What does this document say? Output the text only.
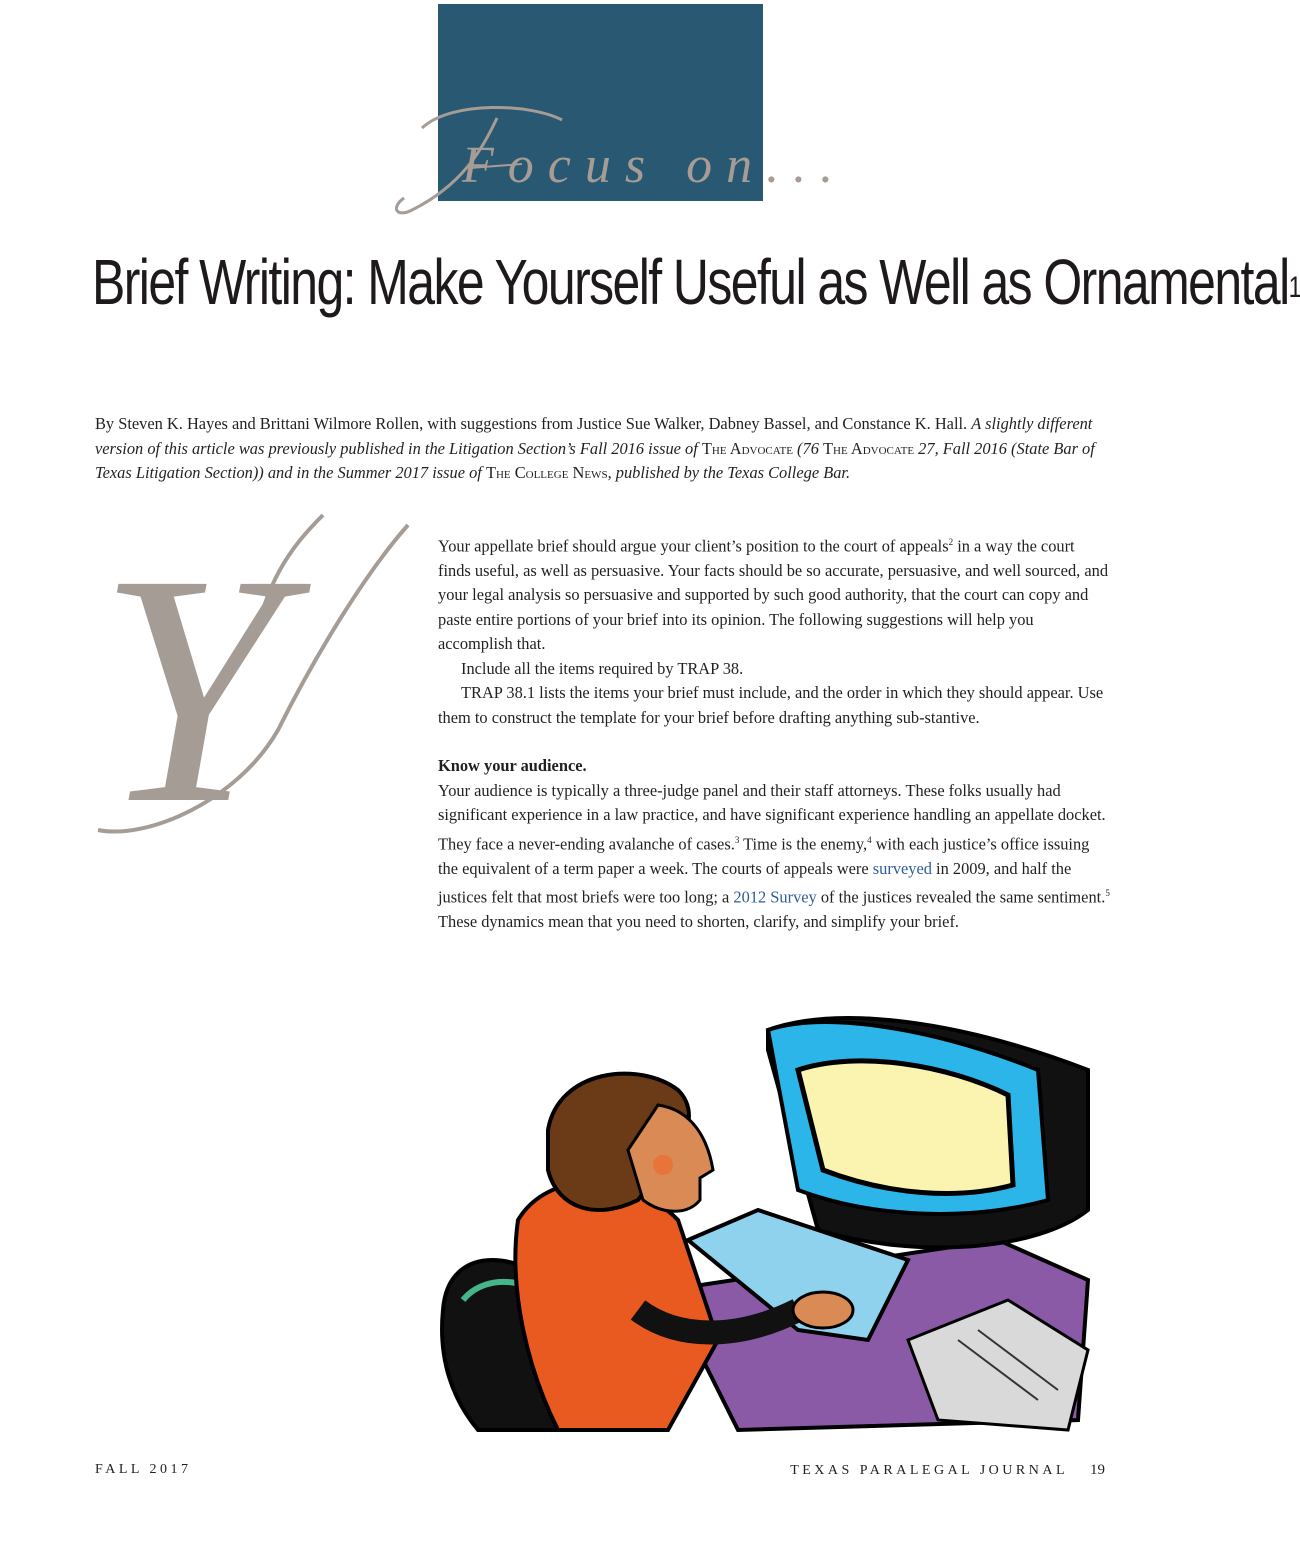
Focus on...
Brief Writing: Make Yourself Useful as Well as Ornamental$^1$

By Steven K. Hayes and Brittani Wilmore Rollen, with suggestions from Justice Sue Walker, Dabney Bassel, and Constance K. Hall. A slightly different version of this article was previously published in the Litigation Section’s Fall 2016 issue of The Advocate (76 The Advocate 27, Fall 2016 (State Bar of Texas Litigation Section)) and in the Summer 2017 issue of The College News, published by the Texas College Bar.

Y	Your appellate brief should argue your client’s position to the court of appeals$^2$ in a way the court finds useful, as well as persuasive. Your facts should be so accurate, persuasive, and well sourced, and your legal analysis so persuasive and supported by such good authority, that the court can copy and paste entire portions of your brief into its opinion. The following suggestions will help you accomplish that.

Include all the items required by TRAP 38.

TRAP 38.1 lists the items your brief must include, and the order in which they should appear. Use them to construct the template for your brief before drafting anything sub-stantive.

Know your audience.

Your audience is typically a three-judge panel and their staff attorneys. These folks usually had significant experience in a law practice, and have significant experience handling an appellate docket. They face a never-ending avalanche of cases.$^3$ Time is the enemy,$^4$ with each justice’s office issuing the equivalent of a term paper a week. The courts of appeals were surveyed in 2009, and half the justices felt that most briefs were too long; a 2012 Survey of the justices revealed the same sentiment.$^5$ These dynamics mean that you need to shorten, clarify, and simplify your brief.

FALL 2017	TEXAS PARALEGAL JOURNAL 19
